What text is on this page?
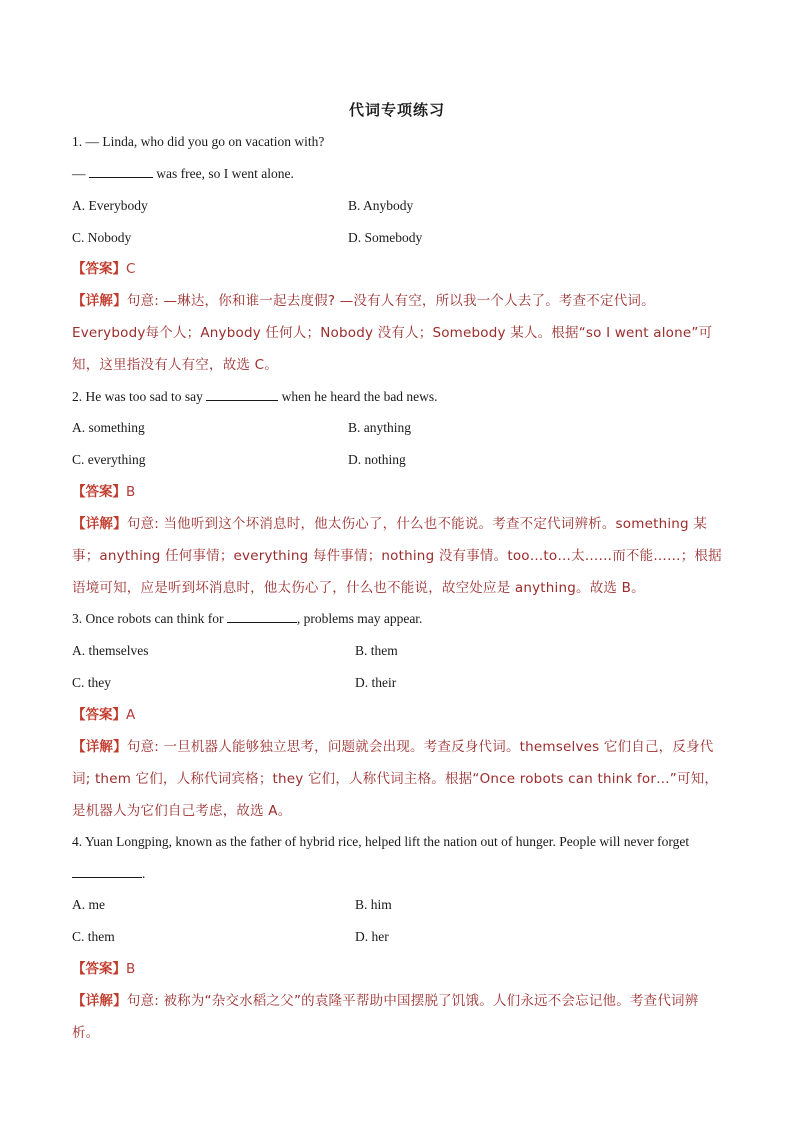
代词专项练习
1. — Linda, who did you go on vacation with?
—	was free, so I went alone.
A. Everybody	B. Anybody
C. Nobody	D. Somebody
【答案】C
【详解】句意: —琳达，你和谁一起去度假? —没有人有空，所以我一个人去了。考查不定代词。Everybody每个人；Anybody 任何人；Nobody 没有人；Somebody 某人。根据“so I went alone”可知，这里指没有人有空，故选 C。
2. He was too sad to say	when he heard the bad news.
A. something	B. anything
C. everything	D. nothing
【答案】B
【详解】句意: 当他听到这个坏消息时，他太伤心了，什么也不能说。考查不定代词辨析。something 某事；anything 任何事情；everything 每件事情；nothing 没有事情。too…to…太……而不能……；根据语境可知，应是听到坏消息时，他太伤心了，什么也不能说，故空处应是 anything。故选 B。
3. Once robots can think for	, problems may appear.
A. themselves	B. them
C. they	D. their
【答案】A
【详解】句意: 一旦机器人能够独立思考，问题就会出现。考查反身代词。themselves 它们自己，反身代词; them 它们，人称代词宾格；they 它们，人称代词主格。根据“Once robots can think for…”可知，是机器人为它们自己考虑，故选 A。
4. Yuan Longping, known as the father of hybrid rice, helped lift the nation out of hunger. People will never forget
.
A. me	B. him
C. them	D. her
【答案】B
【详解】句意: 被称为“杂交水稻之父”的袁隆平帮助中国摆脱了饥饿。人们永远不会忘记他。考查代词辨析。
